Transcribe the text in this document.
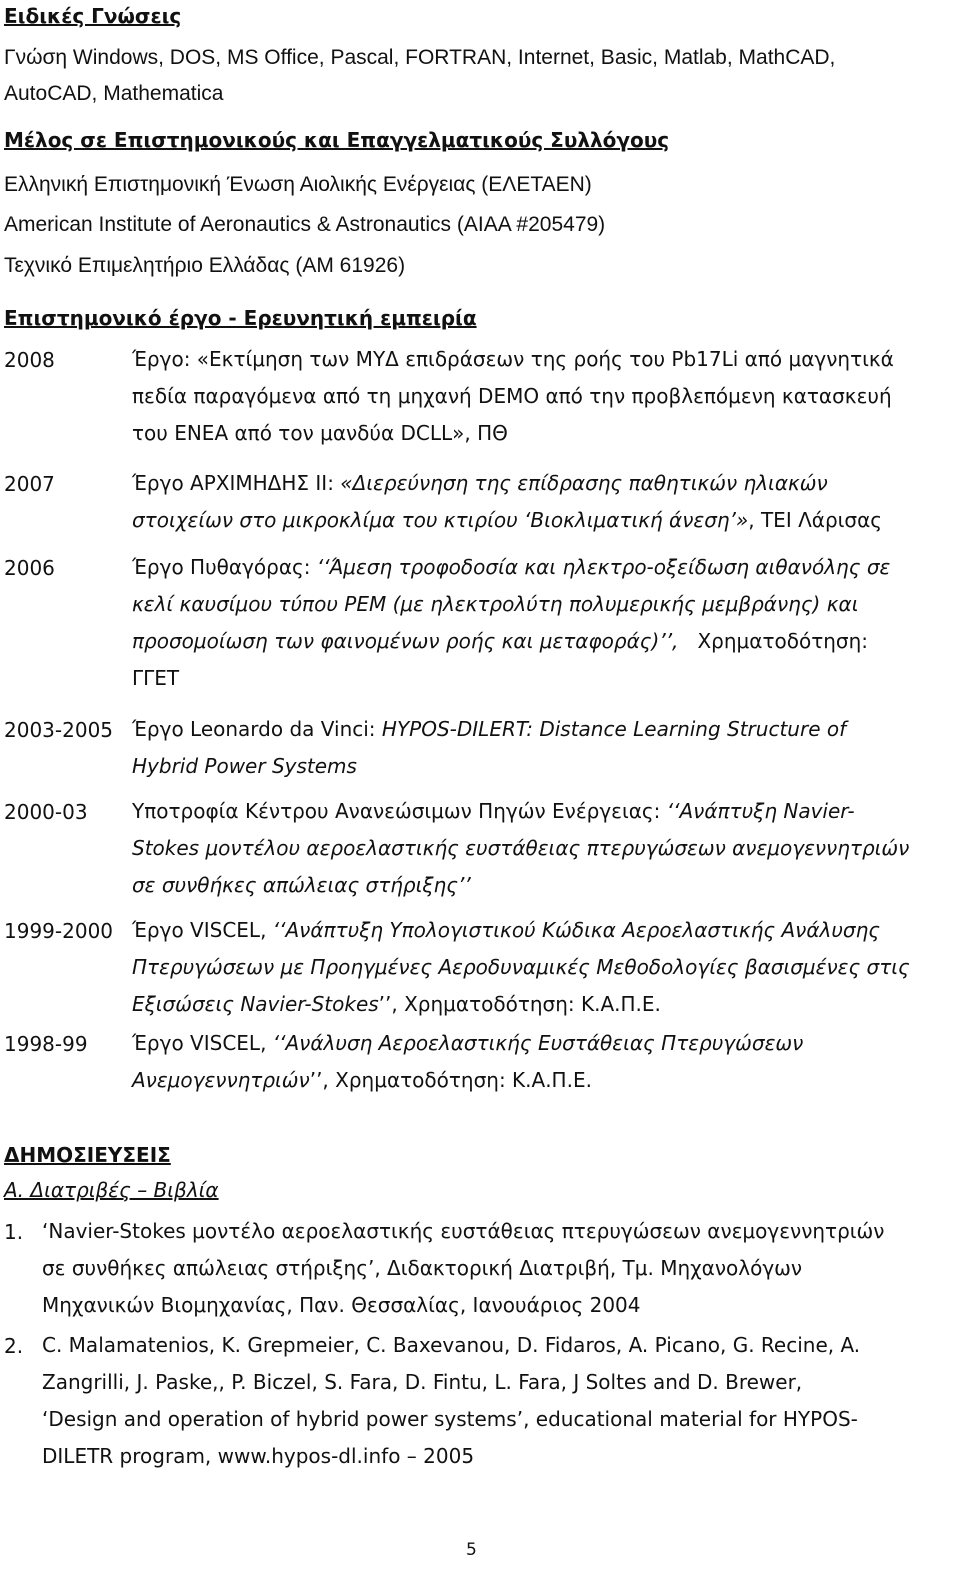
Ειδικές Γνώσεις
Γνώση Windows, DOS, MS Office, Pascal, FORTRAN, Internet, Basic, Matlab, MathCAD,
AutoCAD, Mathematica
Μέλος σε Επιστημονικούς και Επαγγελματικούς Συλλόγους
Ελληνική Επιστημονική Ένωση Αιολικής Ενέργειας (ΕΛΕΤΑΕΝ)
American Institute of Aeronautics & Astronautics (AIAA #205479)
Τεχνικό Επιμελητήριο Ελλάδας (ΑΜ 61926)
Επιστημονικό έργο - Ερευνητική εμπειρία
2008	Έργο: «Εκτίμηση των ΜΥΔ επιδράσεων της ροής του Pb17Li από μαγνητικά
πεδία παραγόμενα από τη μηχανή DEMO από την προβλεπόμενη κατασκευή
του ENEA από τον μανδύα DCLL», ΠΘ
2007	Έργο ΑΡΧΙΜΗΔΗΣ ΙΙ: «Διερεύνηση της επίδρασης παθητικών ηλιακών
στοιχείων στο μικροκλίμα του κτιρίου ‘Βιοκλιματική άνεση’», ΤΕΙ Λάρισας
2006	Έργο Πυθαγόρας: ‘‘Άμεση τροφοδοσία και ηλεκτρο-οξείδωση αιθανόλης σε
κελί καυσίμου τύπου PEM (με ηλεκτρολύτη πολυμερικής μεμβράνης) και
προσομοίωση των φαινομένων ροής και μεταφοράς)’’, Χρηματοδότηση:
ΓΓΕΤ
2003-2005 Έργο Leonardo da Vinci: HYPOS-DILERT: Distance Learning Structure of
Hybrid Power Systems
2000-03	Υποτροφία Κέντρου Ανανεώσιμων Πηγών Ενέργειας: ‘‘Ανάπτυξη Navier-
Stokes μοντέλου αεροελαστικής ευστάθειας πτερυγώσεων ανεμογεννητριών
σε συνθήκες απώλειας στήριξης’’
1999-2000 Έργο VISCEL, ‘‘Ανάπτυξη Υπολογιστικού Κώδικα Αεροελαστικής Ανάλυσης
Πτερυγώσεων με Προηγμένες Αεροδυναμικές Μεθοδολογίες βασισμένες στις
Εξισώσεις Navier-Stokes’’, Χρηματοδότηση: Κ.Α.Π.Ε.
1998-99	Έργο VISCEL, ‘‘Ανάλυση Αεροελαστικής Ευστάθειας Πτερυγώσεων
Ανεμογεννητριών’’, Χρηματοδότηση: Κ.Α.Π.Ε.
ΔΗΜΟΣΙΕΥΣΕΙΣ
Α. Διατριβές – Βιβλία
1. ‘Navier-Stokes μοντέλο αεροελαστικής ευστάθειας πτερυγώσεων ανεμογεννητριών
σε συνθήκες απώλειας στήριξης’, Διδακτορική Διατριβή, Τμ. Μηχανολόγων
Μηχανικών Βιομηχανίας, Παν. Θεσσαλίας, Ιανουάριος 2004
2. C. Malamatenios, K. Grepmeier, C. Baxevanou, D. Fidaros, A. Picano, G. Recine, A.
Zangrilli, J. Paske,, P. Biczel, S. Fara, D. Fintu, L. Fara, J Soltes and D. Brewer,
‘Design and operation of hybrid power systems’, educational material for HYPOS-
DILETR program, www.hypos-dl.info – 2005
5
